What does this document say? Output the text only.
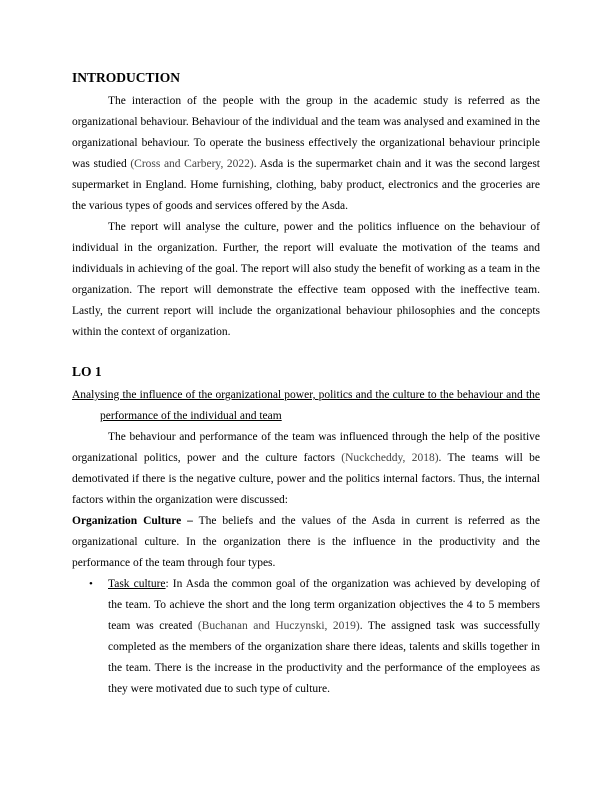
INTRODUCTION

The interaction of the people with the group in the academic study is referred as the organizational behaviour. Behaviour of the individual and the team was analysed and examined in the organizational behaviour. To operate the business effectively the organizational behaviour principle was studied (Cross and Carbery, 2022). Asda is the supermarket chain and it was the second largest supermarket in England. Home furnishing, clothing, baby product, electronics and the groceries are the various types of goods and services offered by the Asda.

The report will analyse the culture, power and the politics influence on the behaviour of individual in the organization. Further, the report will evaluate the motivation of the teams and individuals in achieving of the goal. The report will also study the benefit of working as a team in the organization. The report will demonstrate the effective team opposed with the ineffective team. Lastly, the current report will include the organizational behaviour philosophies and the concepts within the context of organization.

LO 1

Analysing the influence of the organizational power, politics and the culture to the behaviour and the performance of the individual and team

The behaviour and performance of the team was influenced through the help of the positive organizational politics, power and the culture factors (Nuckcheddy, 2018). The teams will be demotivated if there is the negative culture, power and the politics internal factors. Thus, the internal factors within the organization were discussed:

Organization Culture – The beliefs and the values of the Asda in current is referred as the organizational culture. In the organization there is the influence in the productivity and the performance of the team through four types.

• Task culture: In Asda the common goal of the organization was achieved by developing of the team. To achieve the short and the long term organization objectives the 4 to 5 members team was created (Buchanan and Huczynski, 2019). The assigned task was successfully completed as the members of the organization share there ideas, talents and skills together in the team. There is the increase in the productivity and the performance of the employees as they were motivated due to such type of culture.
